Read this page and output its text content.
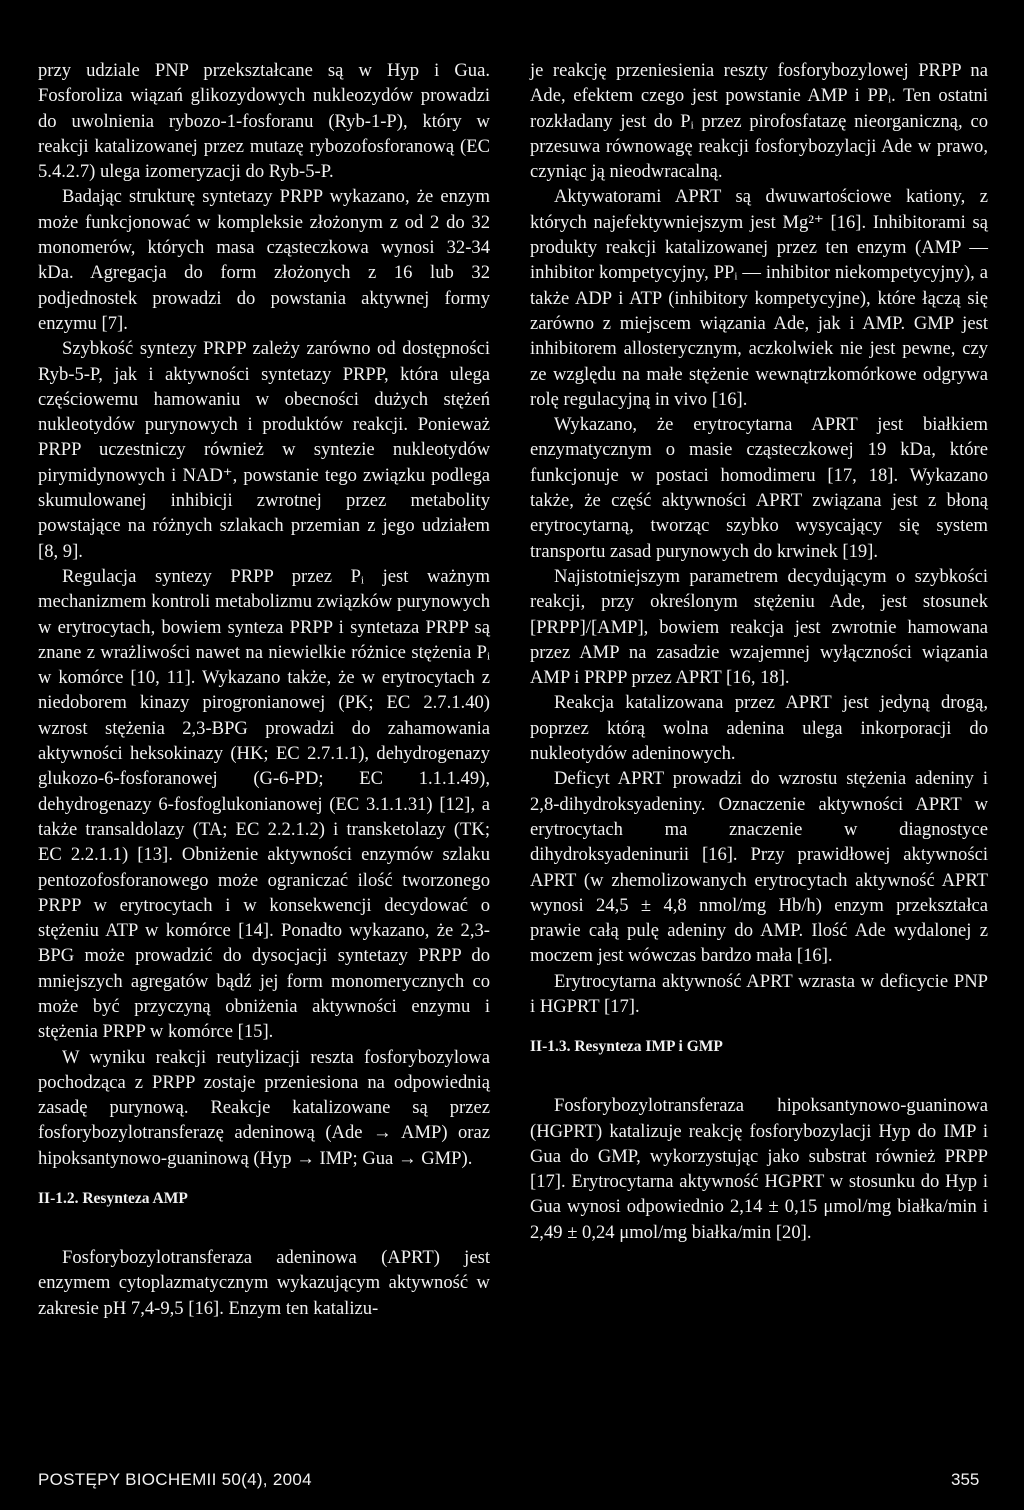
przy udziale PNP przekształcane są w Hyp i Gua. Fosforoliza wiązań glikozydowych nukleozydów prowadzi do uwolnienia rybozo-1-fosforanu (Ryb-1-P), który w reakcji katalizowanej przez mutazę rybozofosforanową (EC 5.4.2.7) ulega izomeryzacji do Ryb-5-P.

Badając strukturę syntetazy PRPP wykazano, że enzym może funkcjonować w kompleksie złożonym z od 2 do 32 monomerów, których masa cząsteczkowa wynosi 32-34 kDa. Agregacja do form złożonych z 16 lub 32 podjednostek prowadzi do powstania aktywnej formy enzymu [7].

Szybkość syntezy PRPP zależy zarówno od dostępności Ryb-5-P, jak i aktywności syntetazy PRPP, która ulega częściowemu hamowaniu w obecności dużych stężeń nukleotydów purynowych i produktów reakcji. Ponieważ PRPP uczestniczy również w syntezie nukleotydów pirymidynowych i NAD⁺, powstanie tego związku podlega skumulowanej inhibicji zwrotnej przez metabolity powstające na różnych szlakach przemian z jego udziałem [8, 9].

Regulacja syntezy PRPP przez Pᵢ jest ważnym mechanizmem kontroli metabolizmu związków purynowych w erytrocytach, bowiem synteza PRPP i syntetaza PRPP są znane z wrażliwości nawet na niewielkie różnice stężenia Pᵢ w komórce [10, 11]. Wykazano także, że w erytrocytach z niedoborem kinazy pirogronianowej (PK; EC 2.7.1.40) wzrost stężenia 2,3-BPG prowadzi do zahamowania aktywności heksokinazy (HK; EC 2.7.1.1), dehydrogenazy glukozo-6-fosforanowej (G-6-PD; EC 1.1.1.49), dehydrogenazy 6-fosfoglukonianowej (EC 3.1.1.31) [12], a także transaldolazy (TA; EC 2.2.1.2) i transketolazy (TK; EC 2.2.1.1) [13]. Obniżenie aktywności enzymów szlaku pentozofosforanowego może ograniczać ilość tworzonego PRPP w erytrocytach i w konsekwencji decydować o stężeniu ATP w komórce [14]. Ponadto wykazano, że 2,3-BPG może prowadzić do dysocjacji syntetazy PRPP do mniejszych agregatów bądź jej form monomerycznych co może być przyczyną obniżenia aktywności enzymu i stężenia PRPP w komórce [15].

W wyniku reakcji reutylizacji reszta fosforybozylowa pochodząca z PRPP zostaje przeniesiona na odpowiednią zasadę purynową. Reakcje katalizowane są przez fosforybozylotransferazę adeninową (Ade → AMP) oraz hipoksantynowo-guaninową (Hyp → IMP; Gua → GMP).

II-1.2. Resynteza AMP

Fosforybozylotransferaza adeninowa (APRT) jest enzymem cytoplazmatycznym wykazującym aktywność w zakresie pH 7,4-9,5 [16]. Enzym ten katalizu-

je reakcję przeniesienia reszty fosforybozylowej PRPP na Ade, efektem czego jest powstanie AMP i PPᵢ. Ten ostatni rozkładany jest do Pᵢ przez pirofosfatazę nieorganiczną, co przesuwa równowagę reakcji fosforybozylacji Ade w prawo, czyniąc ją nieodwracalną.

Aktywatorami APRT są dwuwartościowe kationy, z których najefektywniejszym jest Mg²⁺ [16]. Inhibitorami są produkty reakcji katalizowanej przez ten enzym (AMP — inhibitor kompetycyjny, PPᵢ — inhibitor niekompetycyjny), a także ADP i ATP (inhibitory kompetycyjne), które łączą się zarówno z miejscem wiązania Ade, jak i AMP. GMP jest inhibitorem allosterycznym, aczkolwiek nie jest pewne, czy ze względu na małe stężenie wewnątrzkomórkowe odgrywa rolę regulacyjną in vivo [16].

Wykazano, że erytrocytarna APRT jest białkiem enzymatycznym o masie cząsteczkowej 19 kDa, które funkcjonuje w postaci homodimeru [17, 18]. Wykazano także, że część aktywności APRT związana jest z błoną erytrocytarną, tworząc szybko wysycający się system transportu zasad purynowych do krwinek [19].

Najistotniejszym parametrem decydującym o szybkości reakcji, przy określonym stężeniu Ade, jest stosunek [PRPP]/[AMP], bowiem reakcja jest zwrotnie hamowana przez AMP na zasadzie wzajemnej wyłączności wiązania AMP i PRPP przez APRT [16, 18].

Reakcja katalizowana przez APRT jest jedyną drogą, poprzez którą wolna adenina ulega inkorporacji do nukleotydów adeninowych.

Deficyt APRT prowadzi do wzrostu stężenia adeniny i 2,8-dihydroksyadeniny. Oznaczenie aktywności APRT w erytrocytach ma znaczenie w diagnostyce dihydroksyadeninurii [16]. Przy prawidłowej aktywności APRT (w zhemolizowanych erytrocytach aktywność APRT wynosi 24,5 ± 4,8 nmol/mg Hb/h) enzym przekształca prawie całą pulę adeniny do AMP. Ilość Ade wydalonej z moczem jest wówczas bardzo mała [16].

Erytrocytarna aktywność APRT wzrasta w deficycie PNP i HGPRT [17].

II-1.3. Resynteza IMP i GMP

Fosforybozylotransferaza hipoksantynowo-guaninowa (HGPRT) katalizuje reakcję fosforybozylacji Hyp do IMP i Gua do GMP, wykorzystując jako substrat również PRPP [17]. Erytrocytarna aktywność HGPRT w stosunku do Hyp i Gua wynosi odpowiednio 2,14 ± 0,15 μmol/mg białka/min i 2,49 ± 0,24 μmol/mg białka/min [20].

POSTĘPY BIOCHEMII 50(4), 2004	355
